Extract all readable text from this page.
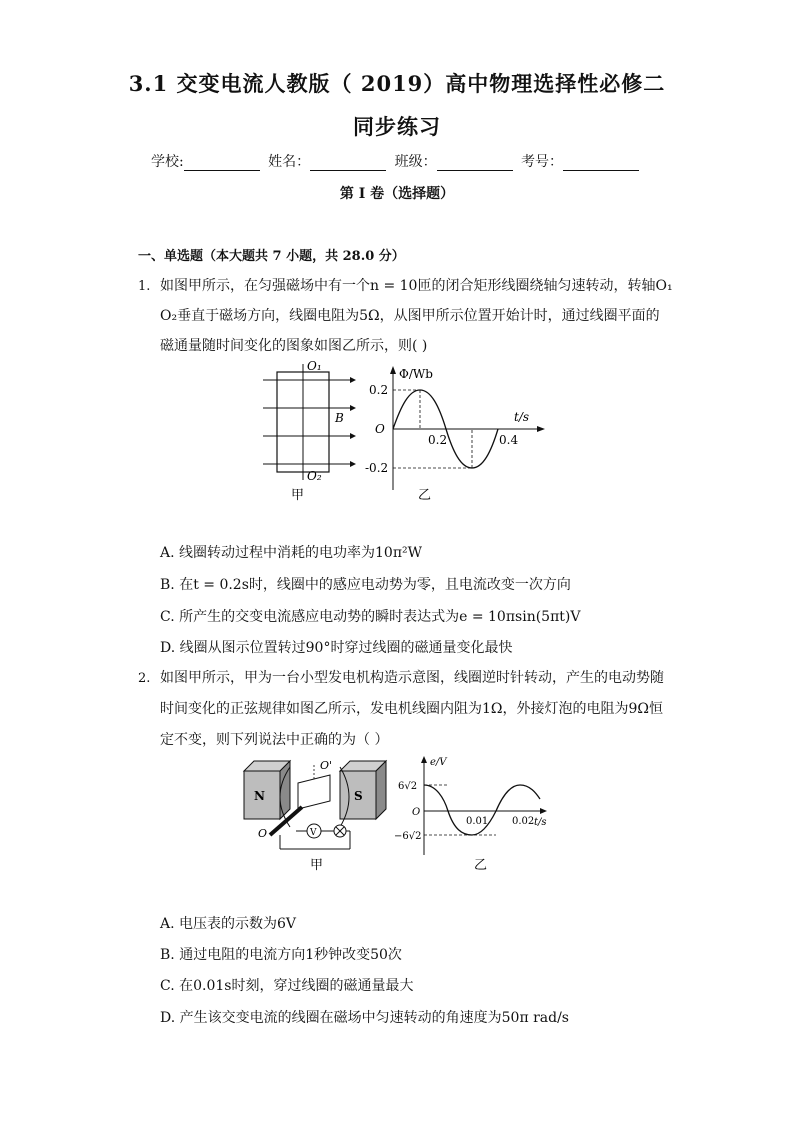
3.1 交变电流人教版（ 2019）高中物理选择性必修二
同步练习
学校:	姓名：	班级：	考号：
第 I 卷（选择题）
一、单选题（本大题共 7 小题，共 28.0 分）
1. 如图甲所示，在匀强磁场中有一个n = 10匝的闭合矩形线圈绕轴匀速转动，转轴O₁
O₂垂直于磁场方向，线圈电阻为5Ω，从图甲所示位置开始计时，通过线圈平面的
磁通量随时间变化的图象如图乙所示，则( )
O₁
O₂
B
甲
Φ/Wb
t/s
O
0.2
-0.2
0.2	0.4
乙
A. 线圈转动过程中消耗的电功率为10π²W
B. 在t = 0.2s时，线圈中的感应电动势为零，且电流改变一次方向
C. 所产生的交变电流感应电动势的瞬时表达式为e = 10πsin(5πt)V
D. 线圈从图示位置转过90°时穿过线圈的磁通量变化最快
2. 如图甲所示，甲为一台小型发电机构造示意图，线圈逆时针转动，产生的电动势随
时间变化的正弦规律如图乙所示，发电机线圈内阻为1Ω，外接灯泡的电阻为9Ω恒
定不变，则下列说法中正确的为（ ）
N	S
O'
O	V
甲
e/V
t/s
O
6√2
−6√2
0.01 0.02
乙
A. 电压表的示数为6V
B. 通过电阻的电流方向1秒钟改变50次
C. 在0.01s时刻，穿过线圈的磁通量最大
D. 产生该交变电流的线圈在磁场中匀速转动的角速度为50π rad/s
